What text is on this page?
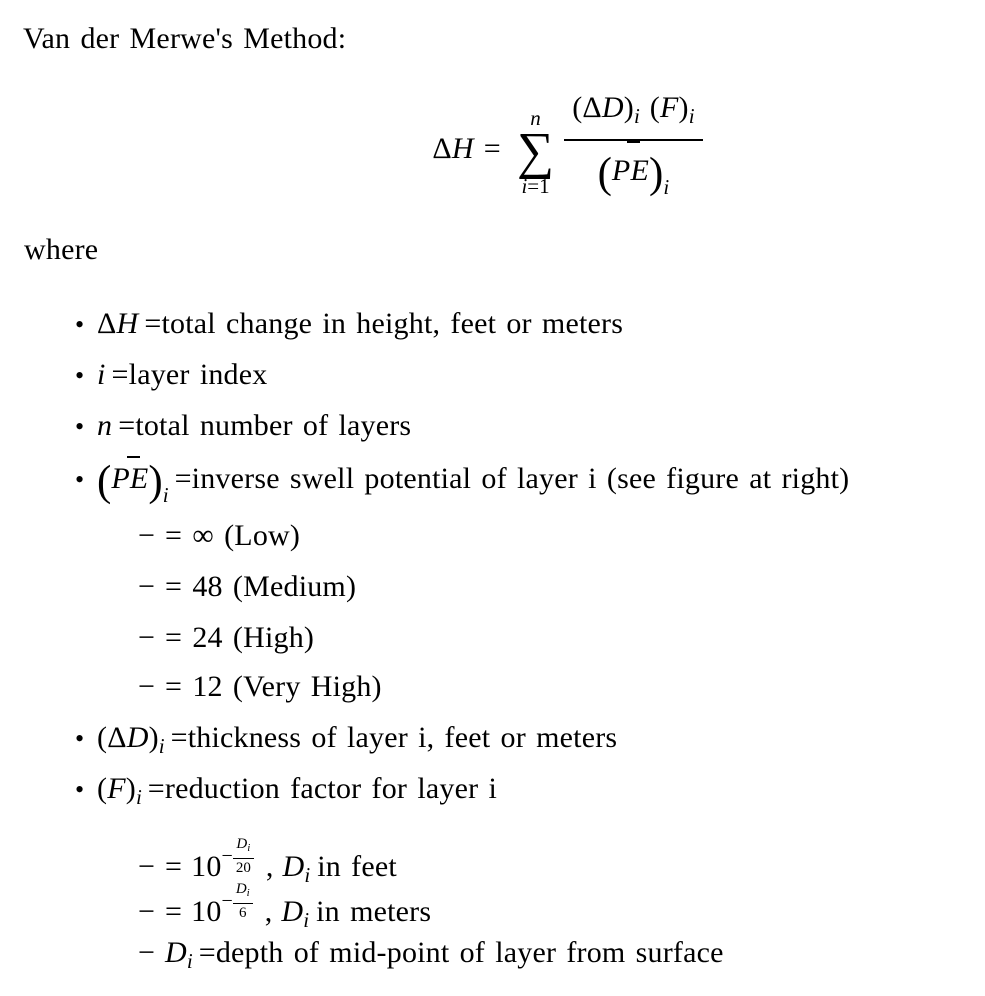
Van der Merwe's Method:
ΔH =
n
∑
i=1 $(\Delta D)_i$ $(F)_i$
(P
$E)_i$
where
• ΔH =total change in height, feet or meters
• i =layer index
• n =total number of layers
• (P
$E)_i$ =inverse swell potential of layer i (see figure at right)
− = ∞ (Low)
− = 48 (Medium)
− = 24 (High)
− = 12 (Very High)
• $(\Delta D)_i$ =thickness of layer i, feet or meters
• $(F)_i$ =reduction factor for layer i
− = $10^- \frac{D_i}{20}$ , $D_i$ in feet
− = $10^- \frac{D_i}{6}$ , $D_i$ in meters
− $D_i$ =depth of mid-point of layer from surface
